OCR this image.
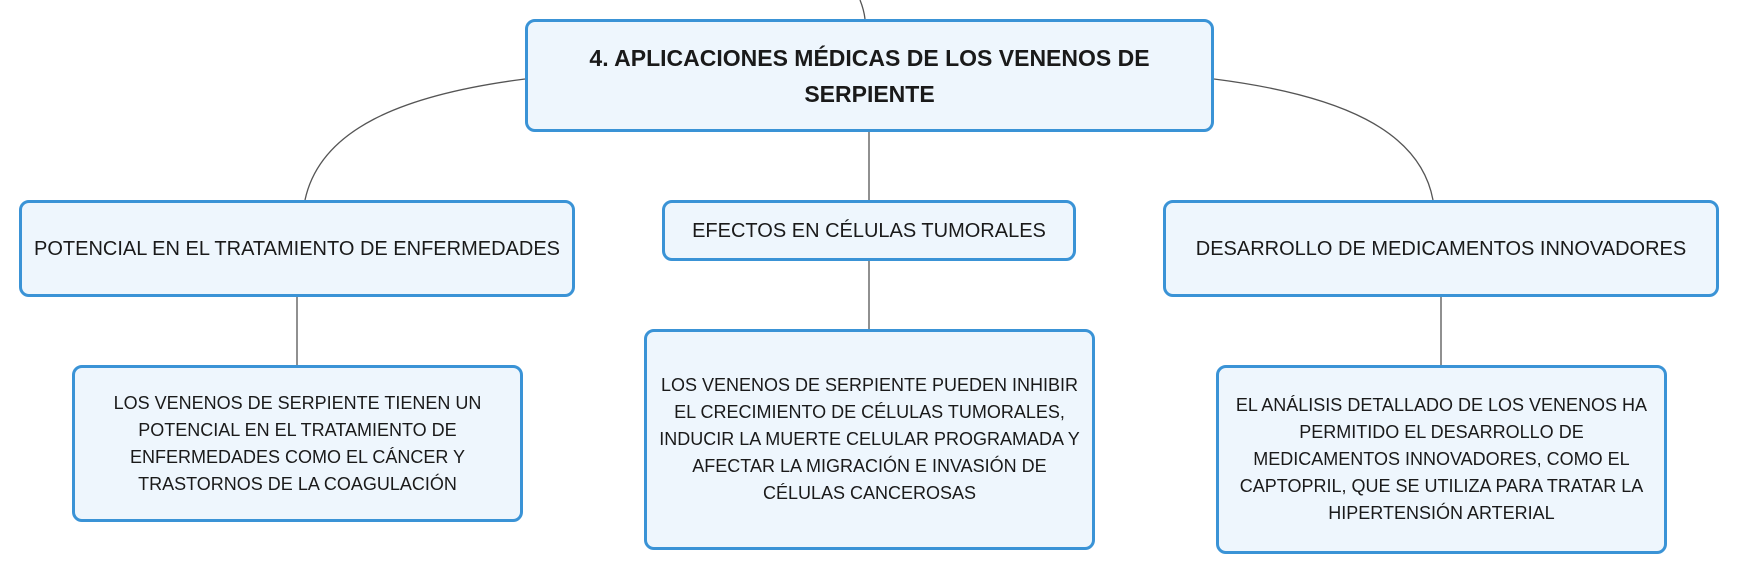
4. APLICACIONES MÉDICAS DE LOS VENENOS DE SERPIENTE
POTENCIAL EN EL TRATAMIENTO DE ENFERMEDADES
EFECTOS EN CÉLULAS TUMORALES
DESARROLLO DE MEDICAMENTOS INNOVADORES
LOS VENENOS DE SERPIENTE TIENEN UN POTENCIAL EN EL TRATAMIENTO DE ENFERMEDADES COMO EL CÁNCER Y TRASTORNOS DE LA COAGULACIÓN
LOS VENENOS DE SERPIENTE PUEDEN INHIBIR EL CRECIMIENTO DE CÉLULAS TUMORALES, INDUCIR LA MUERTE CELULAR PROGRAMADA Y AFECTAR LA MIGRACIÓN E INVASIÓN DE CÉLULAS CANCEROSAS
EL ANÁLISIS DETALLADO DE LOS VENENOS HA PERMITIDO EL DESARROLLO DE MEDICAMENTOS INNOVADORES, COMO EL CAPTOPRIL, QUE SE UTILIZA PARA TRATAR LA HIPERTENSIÓN ARTERIAL
